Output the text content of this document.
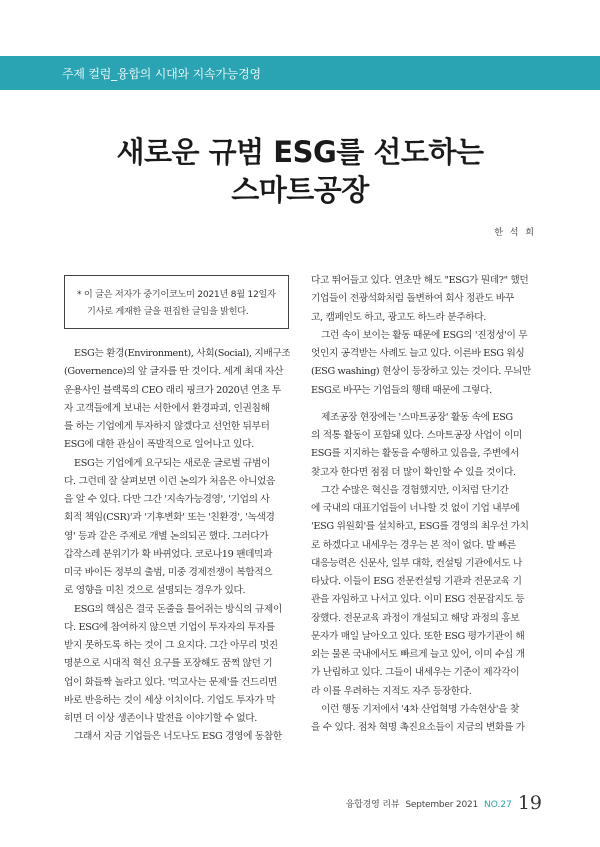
주제 컬럼_융합의 시대와 지속가능경영
새로운 규범 ESG를 선도하는
스마트공장
한 석 희
* 이 글은 저자가 중기이코노미 2021년 8월 12일자
기사로 게재한 글을 편집한 글임을 밝힌다.
ESG는 환경(Environment), 사회(Social), 지배구조
(Governence)의 앞 글자를 딴 것이다. 세계 최대 자산
운용사인 블랙록의 CEO 래리 핑크가 2020년 연초 투
자 고객들에게 보내는 서한에서 환경파괴, 인권침해
를 하는 기업에게 투자하지 않겠다고 선언한 뒤부터
ESG에 대한 관심이 폭발적으로 일어나고 있다.
ESG는 기업에게 요구되는 새로운 글로벌 규범이
다. 그런데 잘 살펴보면 이런 논의가 처음은 아니었음
을 알 수 있다. 다만 그간 '지속가능경영', '기업의 사
회적 책임(CSR)'과 '기후변화' 또는 '친환경', '녹색경
영' 등과 같은 주제로 개별 논의되곤 했다. 그러다가
갑작스레 분위기가 확 바뀌었다. 코로나19 팬데믹과
미국 바이든 정부의 출범, 미중 경제전쟁이 복합적으
로 영향을 미친 것으로 설명되는 경우가 있다.
ESG의 핵심은 결국 돈줄을 틀어쥐는 방식의 규제이
다. ESG에 참여하지 않으면 기업이 투자자의 투자를
받지 못하도록 하는 것이 그 요지다. 그간 아무리 멋진
명분으로 시대적 혁신 요구를 포장해도 꿈쩍 않던 기
업이 화들짝 놀라고 있다. '먹고사는 문제'를 건드리면
바로 반응하는 것이 세상 이치이다. 기업도 투자가 막
히면 더 이상 생존이나 발전을 이야기할 수 없다.
그래서 지금 기업들은 너도나도 ESG 경영에 동참한
다고 뛰어들고 있다. 연초만 해도 "ESG가 뭔데?" 했던
기업들이 전광석화처럼 돌변하여 회사 정관도 바꾸
고, 캠페인도 하고, 광고도 하느라 분주하다.
그런 속이 보이는 활동 때문에 ESG의 '진정성'이 무
엇인지 공격받는 사례도 늘고 있다. 이른바 ESG 워싱
(ESG washing) 현상이 등장하고 있는 것이다. 무늬만
ESG로 바꾸는 기업들의 행태 때문에 그렇다.
제조공장 현장에는 '스마트공장' 활동 속에 ESG
의 적통 활동이 포함돼 있다. 스마트공장 사업이 이미
ESG를 지지하는 활동을 수행하고 있음을, 주변에서
찾고자 한다면 점점 더 많이 확인할 수 있을 것이다.
그간 수많은 혁신을 경험했지만, 이처럼 단기간
에 국내의 대표기업들이 너나할 것 없이 기업 내부에
'ESG 위원회'를 설치하고, ESG를 경영의 최우선 가치
로 하겠다고 내세우는 경우는 본 적이 없다. 발 빠른
대응능력은 신문사, 일부 대학, 컨설팅 기관에서도 나
타났다. 이들이 ESG 전문컨설팅 기관과 전문교육 기
관을 자임하고 나서고 있다. 이미 ESG 전문잡지도 등
장했다. 전문교육 과정이 개설되고 해당 과정의 홍보
문자가 매일 날아오고 있다. 또한 ESG 평가기관이 해
외는 물론 국내에서도 빠르게 늘고 있어, 이미 수십 개
가 난립하고 있다. 그들이 내세우는 기준이 제각각이
라 이를 우려하는 지적도 자주 등장한다.
이런 행동 기저에서 '4차 산업혁명 가속현상'을 찾
을 수 있다. 점차 혁명 촉진요소들이 지금의 변화를 가
융합경영 리뷰 September 2021 NO.27 19
